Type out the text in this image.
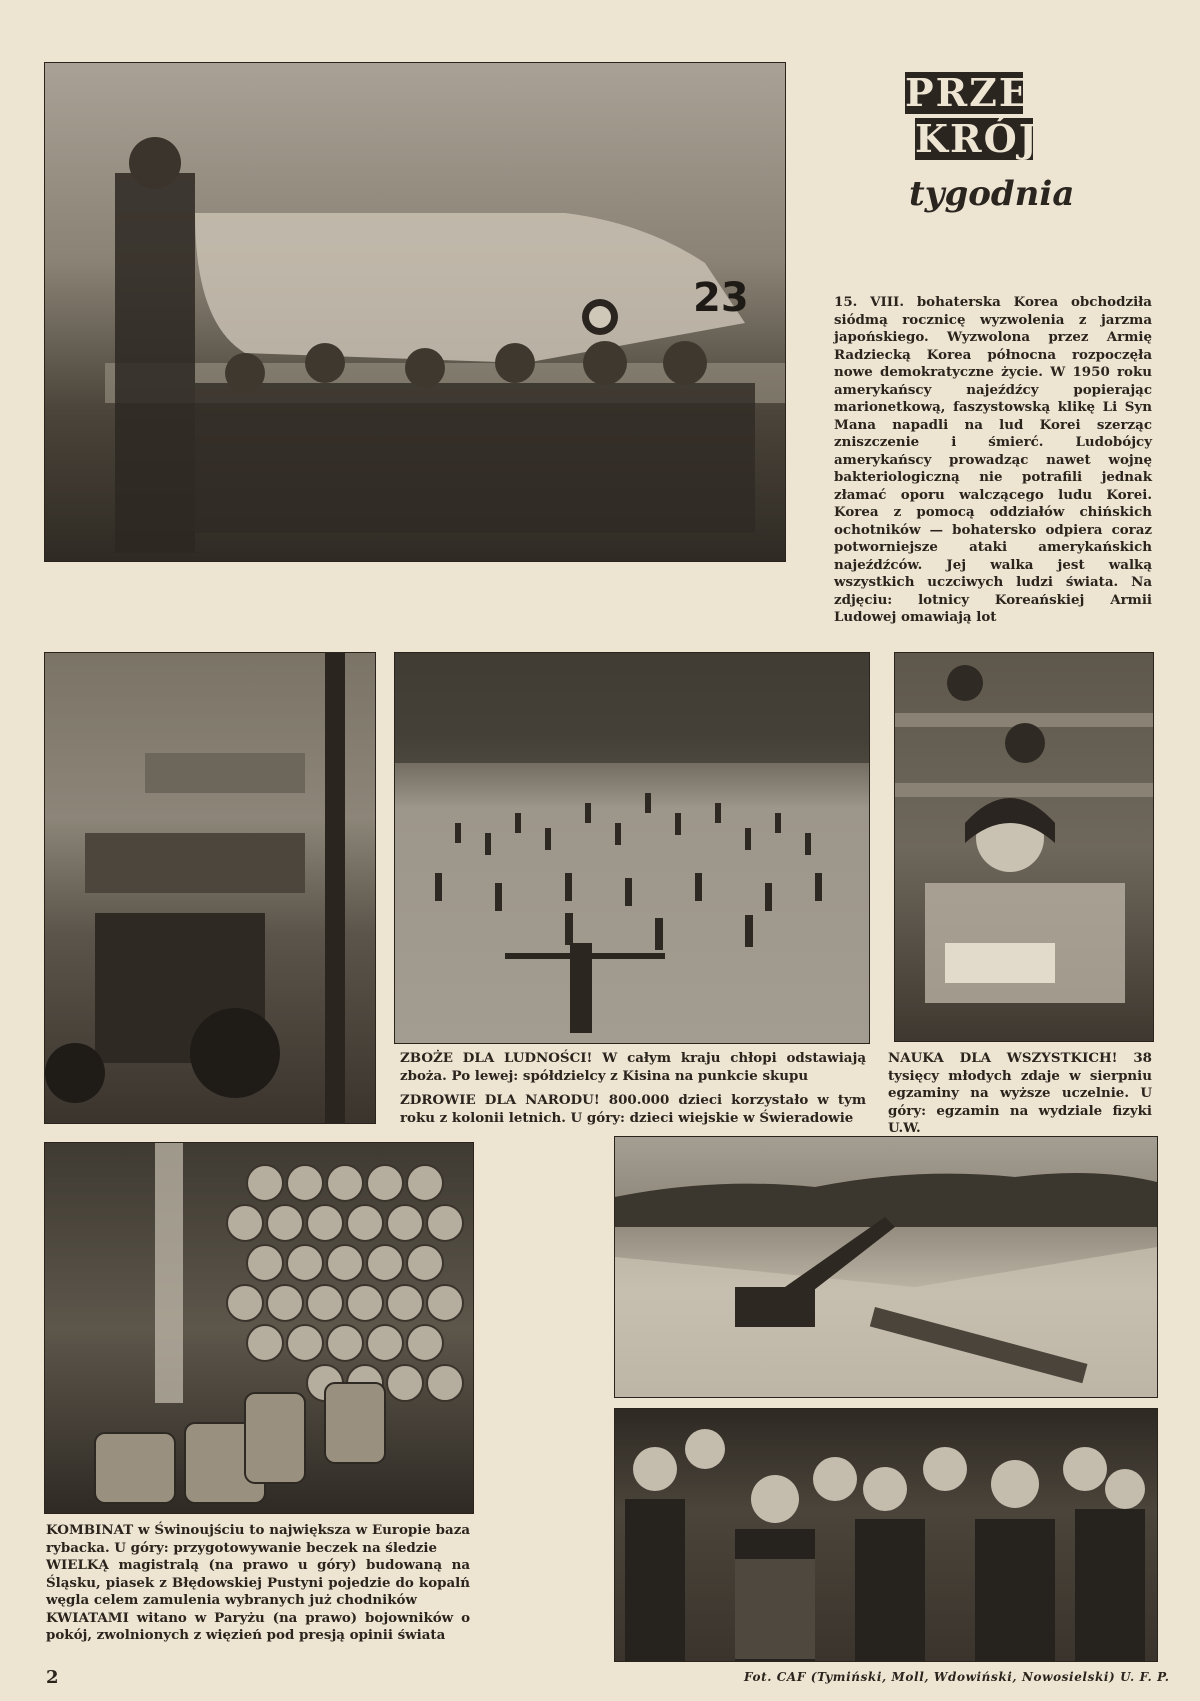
PRZE
KRÓJ
tygodnia
23	15. VIII. bohaterska Korea obchodziła siódmą rocznicę wyzwolenia z jarzma japońskiego. Wyzwolona przez Armię Radziecką Korea północna rozpoczęła nowe demokratyczne życie. W 1950 roku amerykańscy najeźdźcy popierając marionetkową, faszystowską klikę Li Syn Mana napadli na lud Korei szerząc zniszczenie i śmierć. Ludobójcy amerykańscy prowadząc nawet wojnę bakteriologiczną nie potrafili jednak złamać oporu walczącego ludu Korei. Korea z pomocą oddziałów chińskich ochotników — bohatersko odpiera coraz potworniejsze ataki amerykańskich najeźdźców. Jej walka jest walką wszystkich uczciwych ludzi świata. Na zdjęciu: lotnicy Koreańskiej Armii Ludowej omawiają lot

ZBOŻE DLA LUDNOŚCI! W całym kraju chłopi odstawiają zboża. Po lewej: spółdzielcy z Kisina na punkcie skupu

ZDROWIE DLA NARODU! 800.000 dzieci korzystało w tym roku z kolonii letnich. U góry: dzieci wiejskie w Świeradowie

NAUKA DLA WSZYSTKICH! 38 tysięcy młodych zdaje w sierpniu egzaminy na wyższe uczelnie. U góry: egzamin na wydziale fizyki U.W.

KOMBINAT w Świnoujściu to największa w Europie baza rybacka. U góry: przygotowywanie beczek na śledzie

WIELKĄ magistralą (na prawo u góry) budowaną na Śląsku, piasek z Błędowskiej Pustyni pojedzie do kopalń węgla celem zamulenia wybranych już chodników

KWIATAMI witano w Paryżu (na prawo) bojowników o pokój, zwolnionych z więzień pod presją opinii świata

2	Fot. CAF (Tymiński, Moll, Wdowiński, Nowosielski) U. F. P.
